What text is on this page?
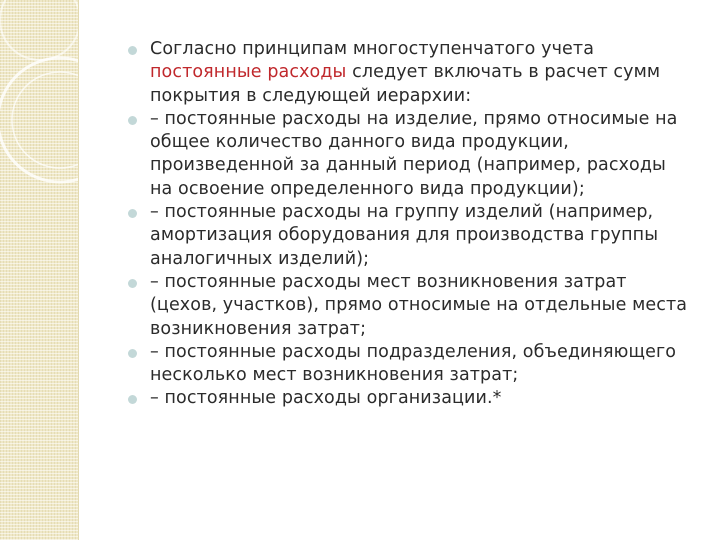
Согласно принципам многоступенчатого учета постоянные расходы следует включать в расчет сумм покрытия в следующей иерархии:
– постоянные расходы на изделие, прямо относимые на общее количество данного вида продукции, произведенной за данный период (например, расходы на освоение определенного вида продукции);
– постоянные расходы на группу изделий (например, амортизация оборудования для производства группы аналогичных изделий);
– постоянные расходы мест возникновения затрат (цехов, участков), прямо относимые на отдельные места возникновения затрат;
– постоянные расходы подразделения, объединяющего несколько мест возникновения затрат;
– постоянные расходы организации.*
